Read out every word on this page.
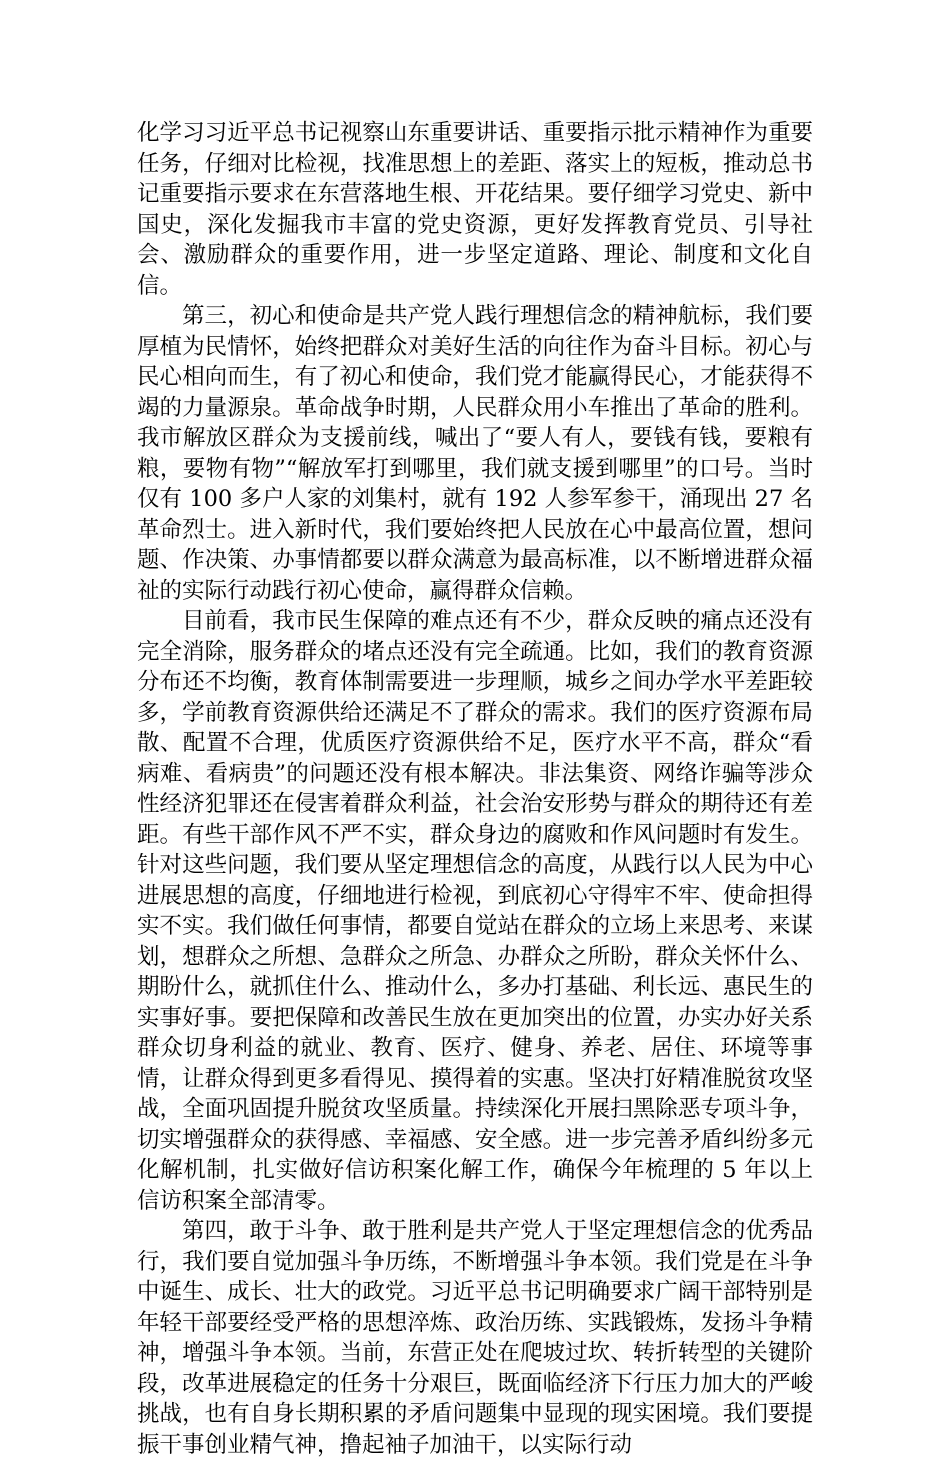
化学习习近平总书记视察山东重要讲话、重要指示批示精神作为重要任务，仔细对比检视，找准思想上的差距、落实上的短板，推动总书记重要指示要求在东营落地生根、开花结果。要仔细学习党史、新中国史，深化发掘我市丰富的党史资源，更好发挥教育党员、引导社会、激励群众的重要作用，进一步坚定道路、理论、制度和文化自信。

第三，初心和使命是共产党人践行理想信念的精神航标，我们要厚植为民情怀，始终把群众对美好生活的向往作为奋斗目标。初心与民心相向而生，有了初心和使命，我们党才能赢得民心，才能获得不竭的力量源泉。革命战争时期，人民群众用小车推出了革命的胜利。我市解放区群众为支援前线，喊出了“要人有人，要钱有钱，要粮有粮，要物有物”“解放军打到哪里，我们就支援到哪里”的口号。当时仅有 100 多户人家的刘集村，就有 192 人参军参干，涌现出 27 名革命烈士。进入新时代，我们要始终把人民放在心中最高位置，想问题、作决策、办事情都要以群众满意为最高标准，以不断增进群众福祉的实际行动践行初心使命，赢得群众信赖。

目前看，我市民生保障的难点还有不少，群众反映的痛点还没有完全消除，服务群众的堵点还没有完全疏通。比如，我们的教育资源分布还不均衡，教育体制需要进一步理顺，城乡之间办学水平差距较多，学前教育资源供给还满足不了群众的需求。我们的医疗资源布局散、配置不合理，优质医疗资源供给不足，医疗水平不高，群众“看病难、看病贵”的问题还没有根本解决。非法集资、网络诈骗等涉众性经济犯罪还在侵害着群众利益，社会治安形势与群众的期待还有差距。有些干部作风不严不实，群众身边的腐败和作风问题时有发生。针对这些问题，我们要从坚定理想信念的高度，从践行以人民为中心进展思想的高度，仔细地进行检视，到底初心守得牢不牢、使命担得实不实。我们做任何事情，都要自觉站在群众的立场上来思考、来谋划，想群众之所想、急群众之所急、办群众之所盼，群众关怀什么、期盼什么，就抓住什么、推动什么，多办打基础、利长远、惠民生的实事好事。要把保障和改善民生放在更加突出的位置，办实办好关系群众切身利益的就业、教育、医疗、健身、养老、居住、环境等事情，让群众得到更多看得见、摸得着的实惠。坚决打好精准脱贫攻坚战，全面巩固提升脱贫攻坚质量。持续深化开展扫黑除恶专项斗争，切实增强群众的获得感、幸福感、安全感。进一步完善矛盾纠纷多元化解机制，扎实做好信访积案化解工作，确保今年梳理的 5 年以上信访积案全部清零。

第四，敢于斗争、敢于胜利是共产党人于坚定理想信念的优秀品行，我们要自觉加强斗争历练，不断增强斗争本领。我们党是在斗争中诞生、成长、壮大的政党。习近平总书记明确要求广阔干部特别是年轻干部要经受严格的思想淬炼、政治历练、实践锻炼，发扬斗争精神，增强斗争本领。当前，东营正处在爬坡过坎、转折转型的关键阶段，改革进展稳定的任务十分艰巨，既面临经济下行压力加大的严峻挑战，也有自身长期积累的矛盾问题集中显现的现实困境。我们要提振干事创业精气神，撸起袖子加油干，以实际行动
